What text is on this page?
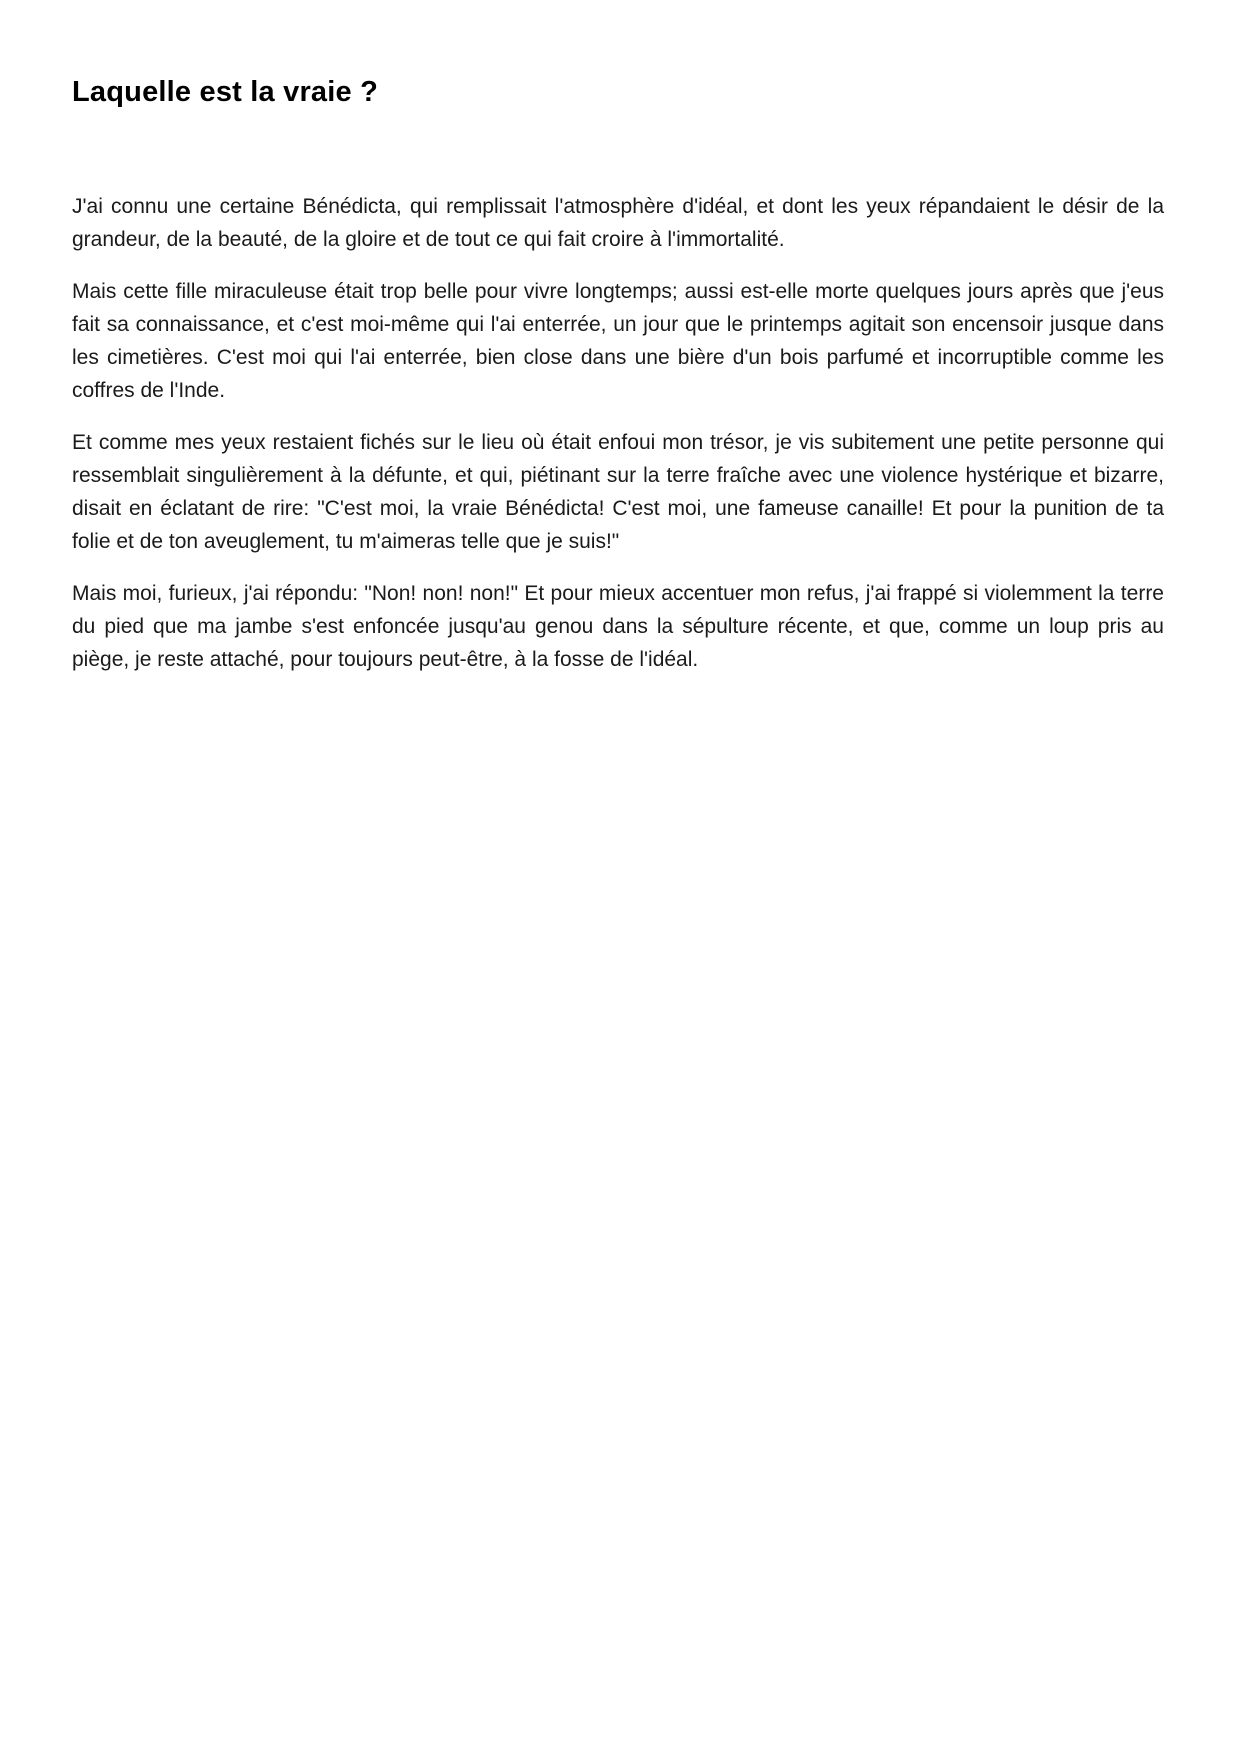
Laquelle est la vraie ?

J'ai connu une certaine Bénédicta, qui remplissait l'atmosphère d'idéal, et dont les yeux répandaient le désir de la grandeur, de la beauté, de la gloire et de tout ce qui fait croire à l'immortalité.

Mais cette fille miraculeuse était trop belle pour vivre longtemps; aussi est-elle morte quelques jours après que j'eus fait sa connaissance, et c'est moi-même qui l'ai enterrée, un jour que le printemps agitait son encensoir jusque dans les cimetières. C'est moi qui l'ai enterrée, bien close dans une bière d'un bois parfumé et incorruptible comme les coffres de l'Inde.

Et comme mes yeux restaient fichés sur le lieu où était enfoui mon trésor, je vis subitement une petite personne qui ressemblait singulièrement à la défunte, et qui, piétinant sur la terre fraîche avec une violence hystérique et bizarre, disait en éclatant de rire: "C'est moi, la vraie Bénédicta! C'est moi, une fameuse canaille! Et pour la punition de ta folie et de ton aveuglement, tu m'aimeras telle que je suis!"

Mais moi, furieux, j'ai répondu: "Non! non! non!" Et pour mieux accentuer mon refus, j'ai frappé si violemment la terre du pied que ma jambe s'est enfoncée jusqu'au genou dans la sépulture récente, et que, comme un loup pris au piège, je reste attaché, pour toujours peut-être, à la fosse de l'idéal.
